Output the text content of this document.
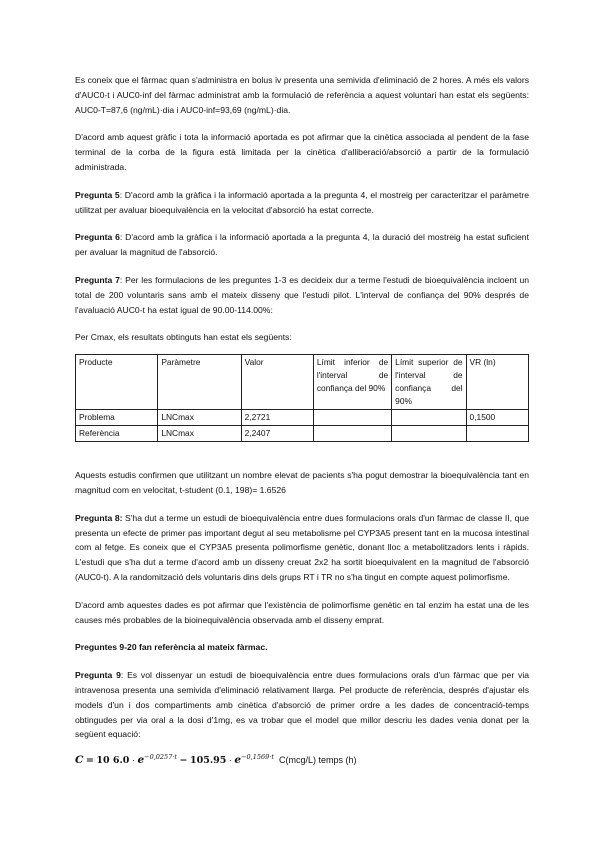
Es coneix que el fàrmac quan s'administra en bolus iv presenta una semivida d'eliminació de 2 hores. A més els valors d'AUC0-t i AUC0-inf del fàrmac administrat amb la formulació de referència a aquest voluntari han estat els següents: AUC0-T=87,6 (ng/mL)·dia i AUC0-inf=93,69 (ng/mL)·dia.

D'acord amb aquest gràfic i tota la informació aportada es pot afirmar que la cinètica associada al pendent de la fase terminal de la corba de la figura està limitada per la cinètica d'alliberació/absorció a partir de la formulació administrada.

Pregunta 5: D'acord amb la gràfica i la informació aportada a la pregunta 4, el mostreig per caracteritzar el paràmetre utilitzat per avaluar bioequivalència en la velocitat d'absorció ha estat correcte.

Pregunta 6: D'acord amb la gràfica i la informació aportada a la pregunta 4, la duració del mostreig ha estat suficient per avaluar la magnitud de l'absorció.

Pregunta 7: Per les formulacions de les preguntes 1-3 es decideix dur a terme l'estudi de bioequivalència incloent un total de 200 voluntaris sans amb el mateix disseny que l'estudi pilot. L'interval de confiança del 90% després de l'avaluació AUC0-t ha estat igual de 90.00-114.00%:

Per Cmax, els resultats obtinguts han estat els següents:

Producte	Paràmetre	Valor	Límit inferior de l'interval de confiança del 90%	Límit superior de l'interval de confiança del 90%	VR (ln)
Problema	LNCmax	2,2721			0,1500
Referència	LNCmax	2,2407			

Aquests estudis confirmen que utilitzant un nombre elevat de pacients s'ha pogut demostrar la bioequivalència tant en magnitud com en velocitat, t-student (0.1, 198)= 1.6526

Pregunta 8: S'ha dut a terme un estudi de bioequivalència entre dues formulacions orals d'un fàrmac de classe II, que presenta un efecte de primer pas important degut al seu metabolisme pel CYP3A5 present tant en la mucosa intestinal com al fetge. Es coneix que el CYP3A5 presenta polimorfisme genètic, donant lloc a metabolitzadors lents i ràpids. L'estudi que s'ha dut a terme d'acord amb un disseny creuat 2x2 ha sortit bioequivalent en la magnitud de l'absorció (AUC0-t). A la randomització dels voluntaris dins dels grups RT i TR no s'ha tingut en compte aquest polimorfisme.

D'acord amb aquestes dades es pot afirmar que l'existència de polimorfisme genètic en tal enzim ha estat una de les causes més probables de la bioinequivalència observada amb el disseny emprat.

Preguntes 9-20 fan referència al mateix fàrmac.

Pregunta 9: Es vol dissenyar un estudi de bioequivalència entre dues formulacions orals d'un fàrmac que per via intravenosa presenta una semivida d'eliminació relativament llarga. Pel producte de referència, després d'ajustar els models d'un i dos compartiments amb cinètica d'absorció de primer ordre a les dades de concentració-temps obtingudes per via oral a la dosi d'1mg, es va trobar que el model que millor descriu les dades venia donat per la següent equació:

C = 10 $6.0 \cdot e^{-0,0257\cdot t} - 105.95 \cdot e^{-0,1569\cdot t}$ C(mcg/L) temps (h)
